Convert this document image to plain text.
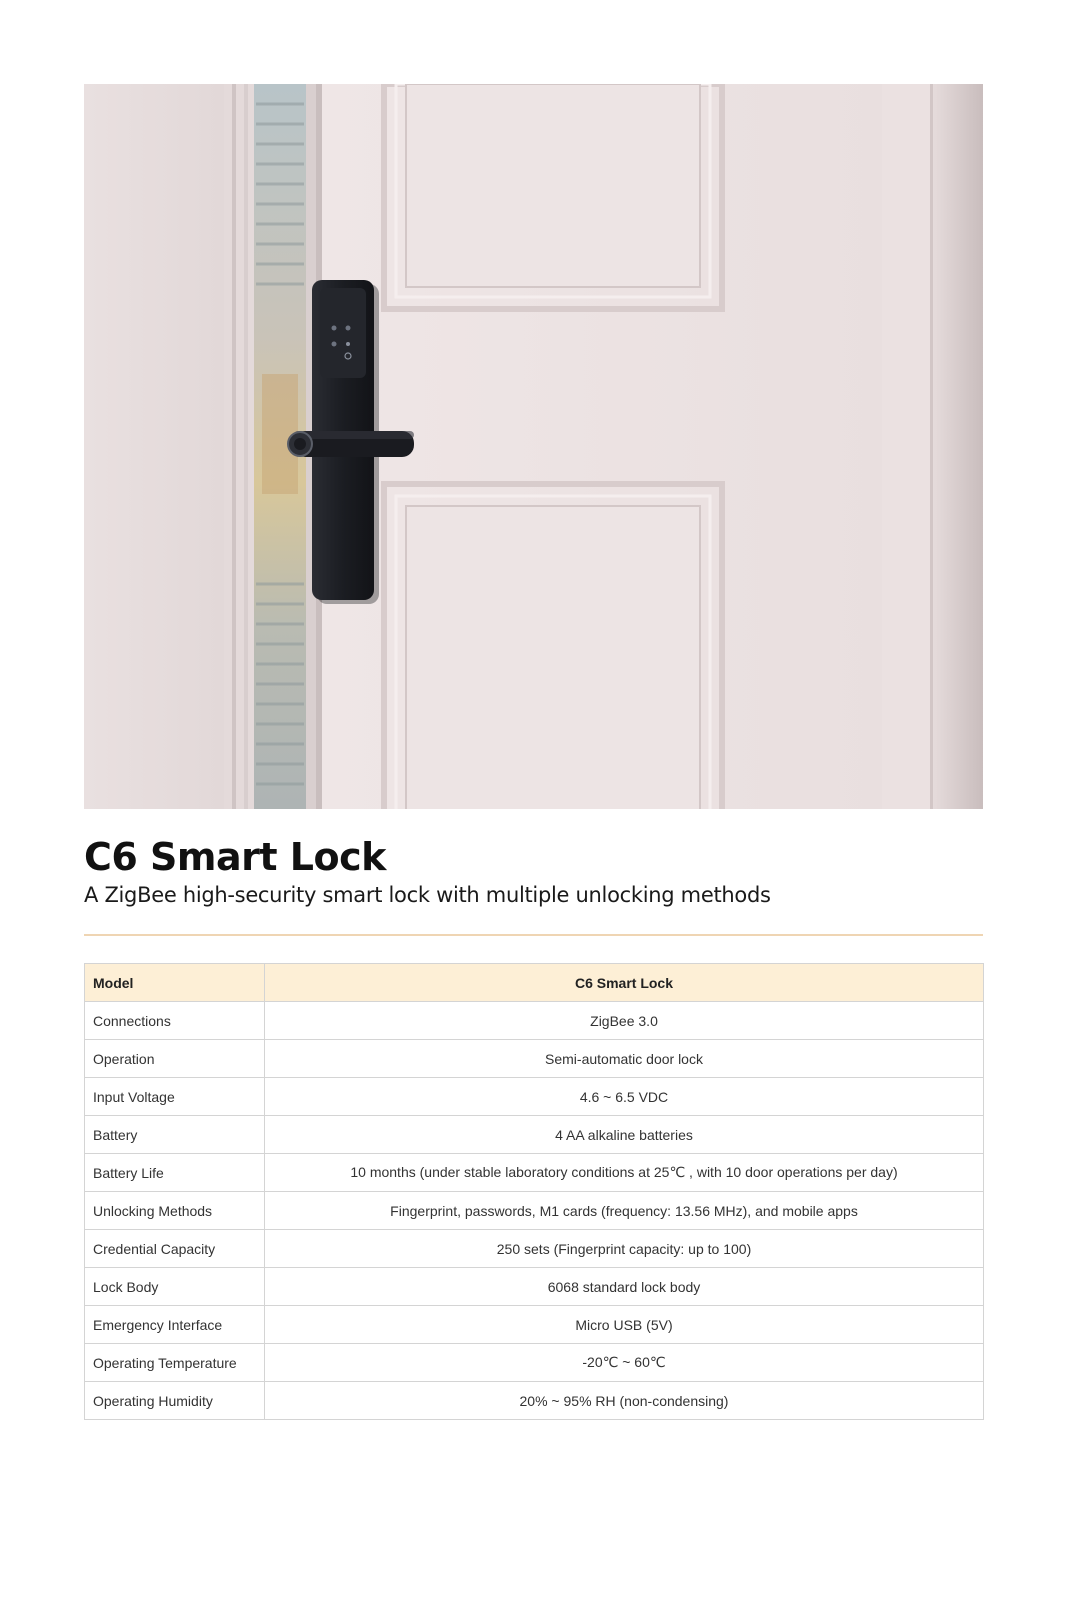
C6 Smart Lock

A ZigBee high-security smart lock with multiple unlocking methods

Model	C6 Smart Lock
Connections	ZigBee 3.0
Operation	Semi-automatic door lock
Input Voltage	4.6 ~ 6.5 VDC
Battery	4 AA alkaline batteries
Battery Life	10 months (under stable laboratory conditions at 25℃ , with 10 door operations per day)
Unlocking Methods	Fingerprint, passwords, M1 cards (frequency: 13.56 MHz), and mobile apps
Credential Capacity	250 sets (Fingerprint capacity: up to 100)
Lock Body	6068 standard lock body
Emergency Interface	Micro USB (5V)
Operating Temperature	-20℃ ~ 60℃
Operating Humidity	20% ~ 95% RH (non-condensing)
